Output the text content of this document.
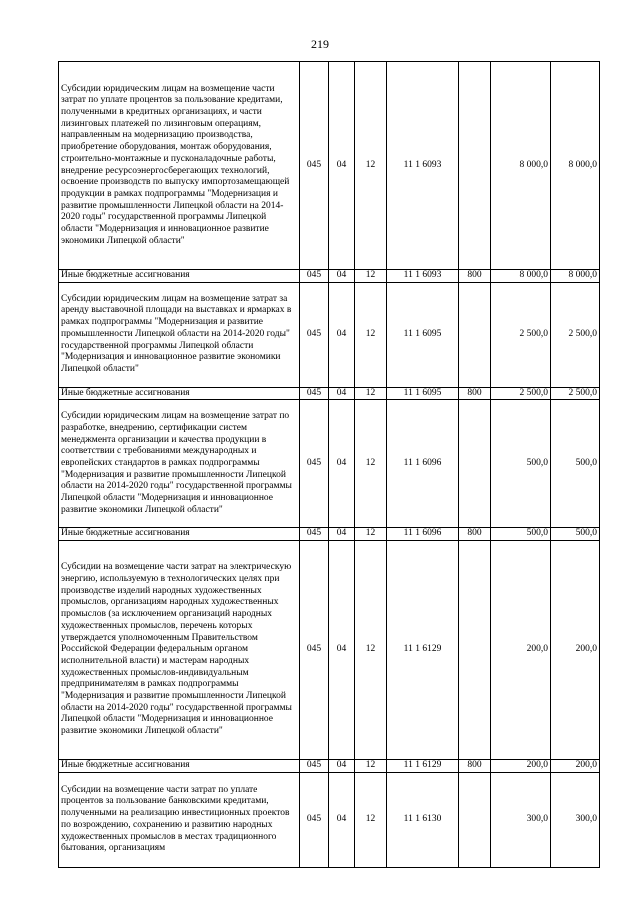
219
Субсидии юридическим лицам на возмещение части затрат по уплате процентов за пользование кредитами, полученными в кредитных организациях, и части лизинговых платежей по лизинговым операциям, направленным на модернизацию производства, приобретение оборудования, монтаж оборудования, строительно-монтажные и пусконаладочные работы, внедрение ресурсоэнергосберегающих технологий, освоение производств по выпуску импортозамещающей продукции в рамках подпрограммы "Модернизация и развитие промышленности Липецкой области на 2014-2020 годы" государственной программы Липецкой области "Модернизация и инновационное развитие экономики Липецкой области"	045	04	12	11 1 6093		8 000,0	8 000,0
Иные бюджетные ассигнования	045	04	12	11 1 6093	800	8 000,0	8 000,0
Субсидии юридическим лицам на возмещение затрат за аренду выставочной площади на выставках и ярмарках в рамках подпрограммы "Модернизация и развитие промышленности Липецкой области на 2014-2020 годы" государственной программы Липецкой области "Модернизация и инновационное развитие экономики Липецкой области"	045	04	12	11 1 6095		2 500,0	2 500,0
Иные бюджетные ассигнования	045	04	12	11 1 6095	800	2 500,0	2 500,0
Субсидии юридическим лицам на возмещение затрат по разработке, внедрению, сертификации систем менеджмента организации и качества продукции в соответствии с требованиями международных и европейских стандартов в рамках подпрограммы "Модернизация и развитие промышленности Липецкой области на 2014-2020 годы" государственной программы Липецкой области "Модернизация и инновационное развитие экономики Липецкой области"	045	04	12	11 1 6096		500,0	500,0
Иные бюджетные ассигнования	045	04	12	11 1 6096	800	500,0	500,0
Субсидии на возмещение части затрат на электрическую энергию, используемую в технологических целях при производстве изделий народных художественных промыслов, организациям народных художественных промыслов (за исключением организаций народных художественных промыслов, перечень которых утверждается уполномоченным Правительством Российской Федерации федеральным органом исполнительной власти) и мастерам народных художественных промыслов-индивидуальным предпринимателям в рамках подпрограммы "Модернизация и развитие промышленности Липецкой области на 2014-2020 годы" государственной программы Липецкой области "Модернизация и инновационное развитие экономики Липецкой области"	045	04	12	11 1 6129		200,0	200,0
Иные бюджетные ассигнования	045	04	12	11 1 6129	800	200,0	200,0
Субсидии на возмещение части затрат по уплате процентов за пользование банковскими кредитами, полученными на реализацию инвестиционных проектов по возрождению, сохранению и развитию народных художественных промыслов в местах традиционного бытования, организациям	045	04	12	11 1 6130		300,0	300,0
